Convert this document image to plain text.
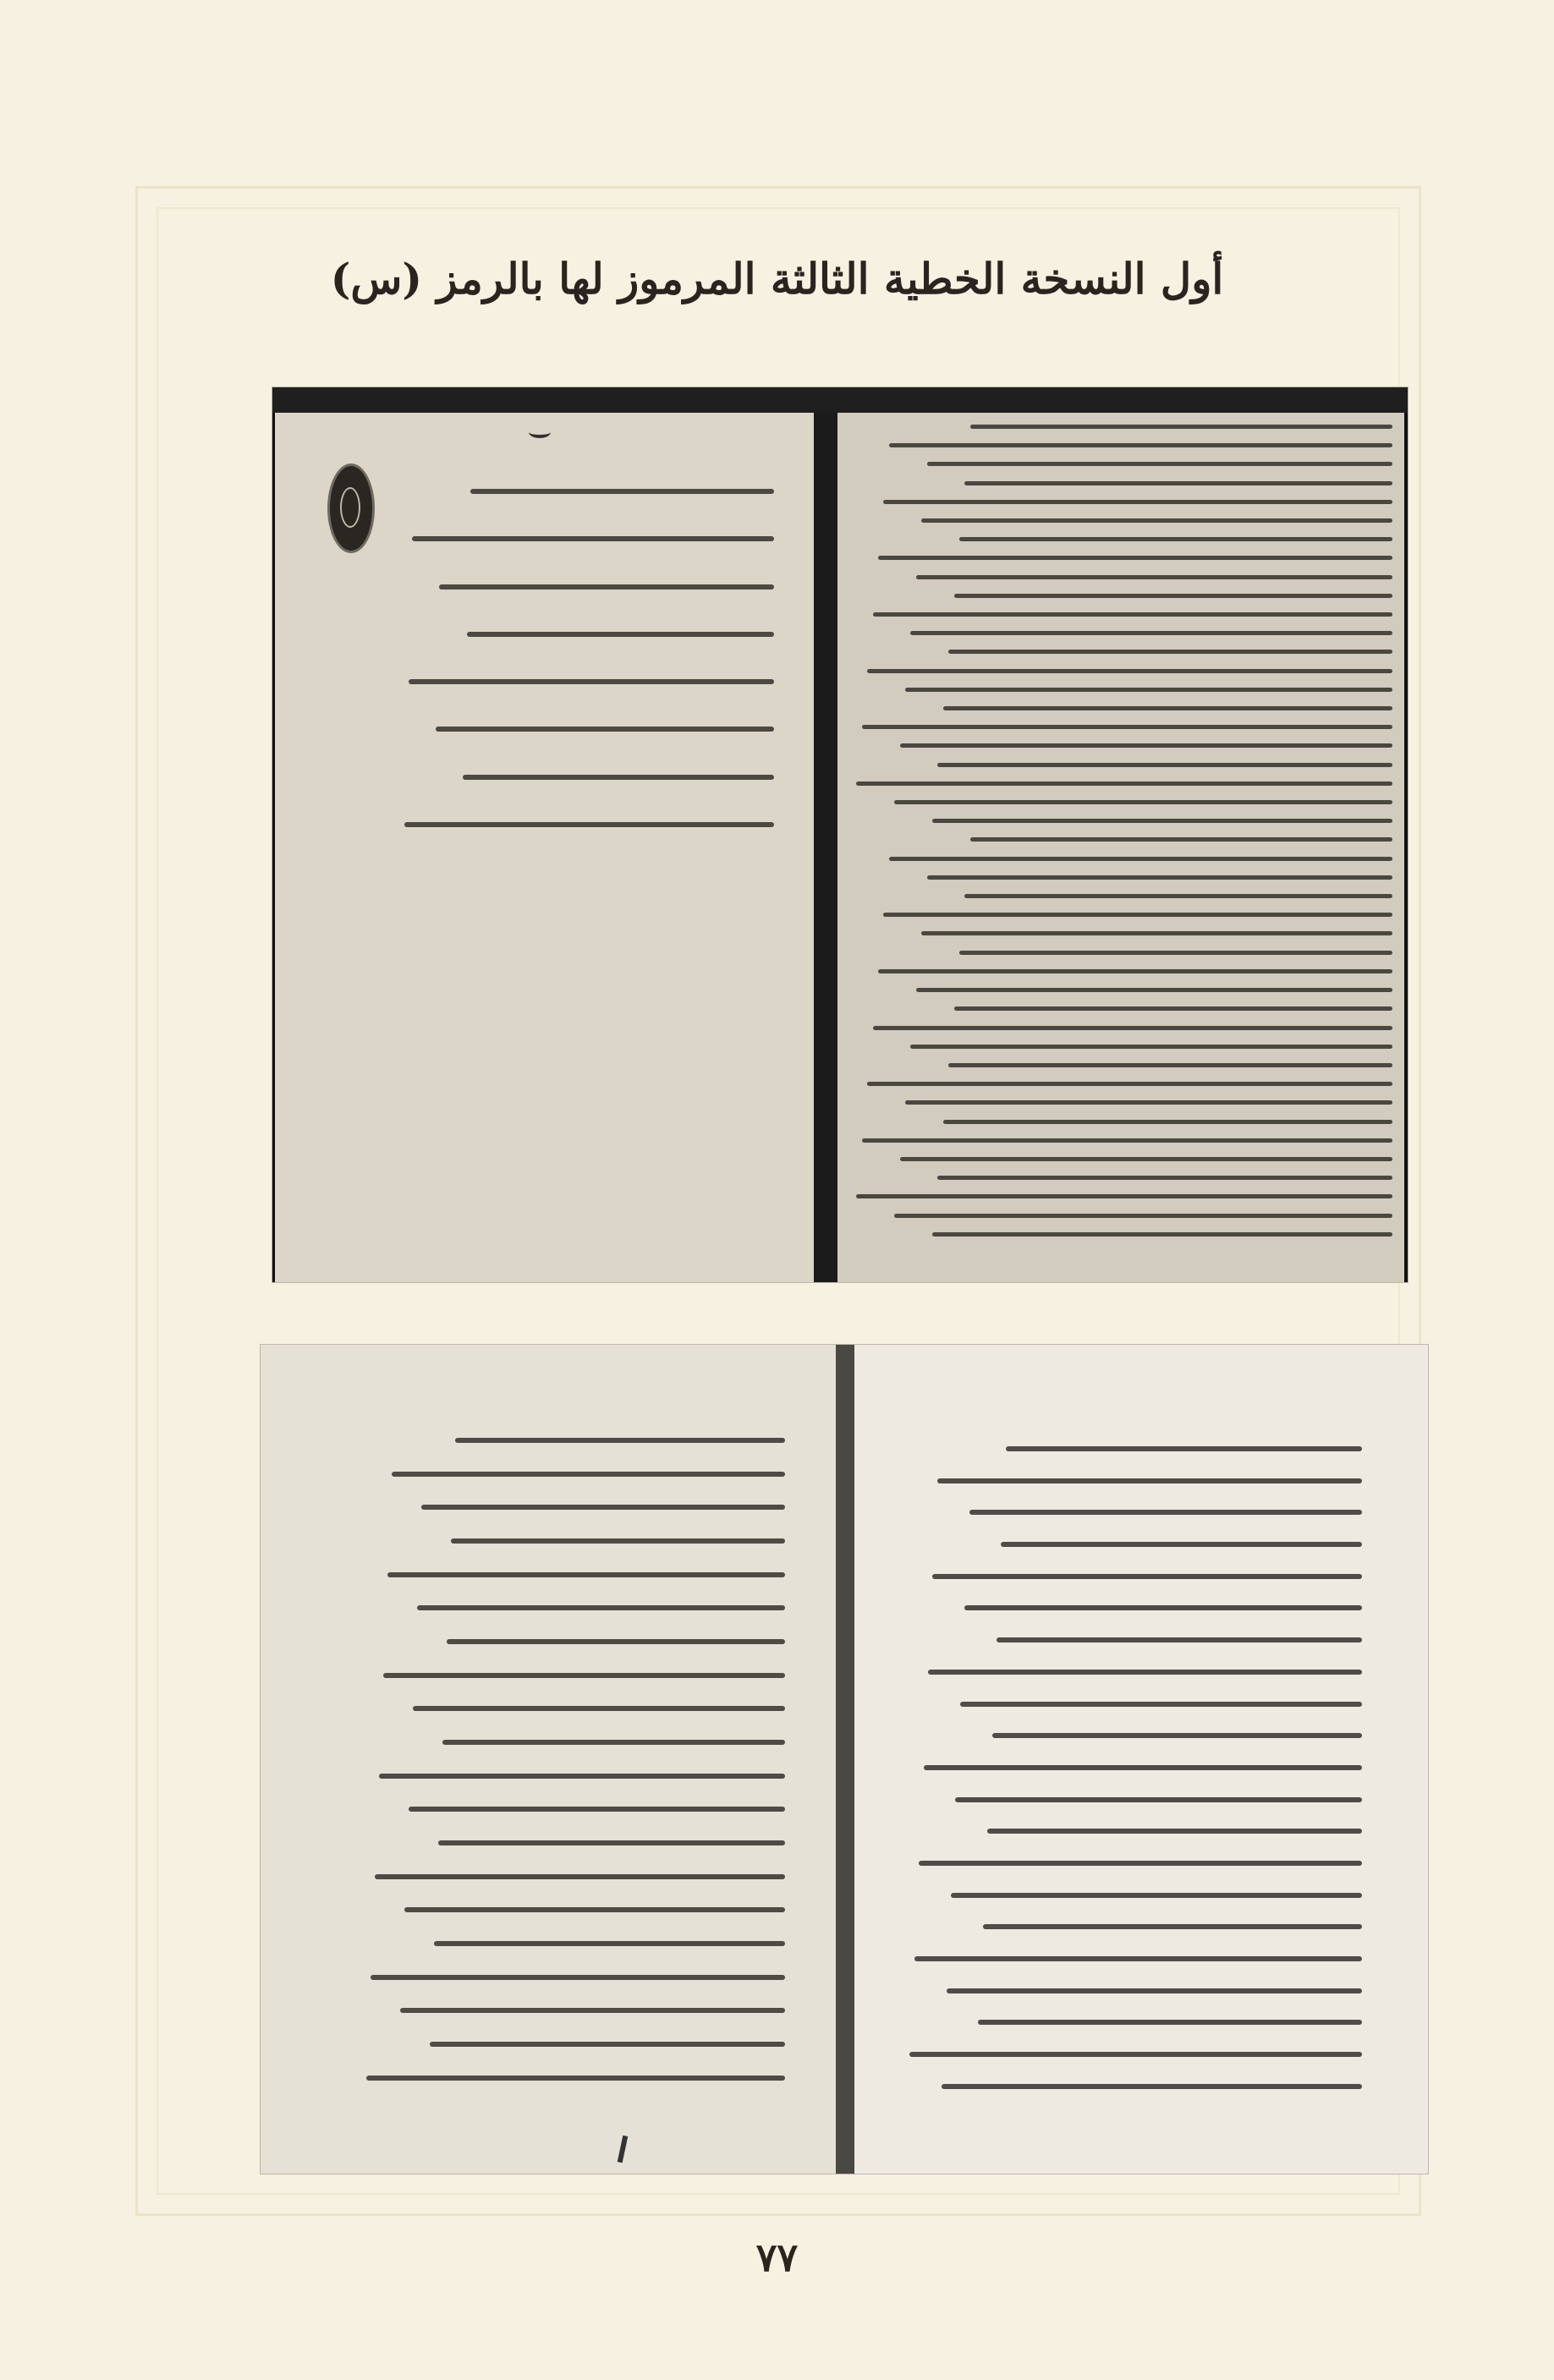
أول النسخة الخطية الثالثة المرموز لها بالرمز (س)
٧٧
